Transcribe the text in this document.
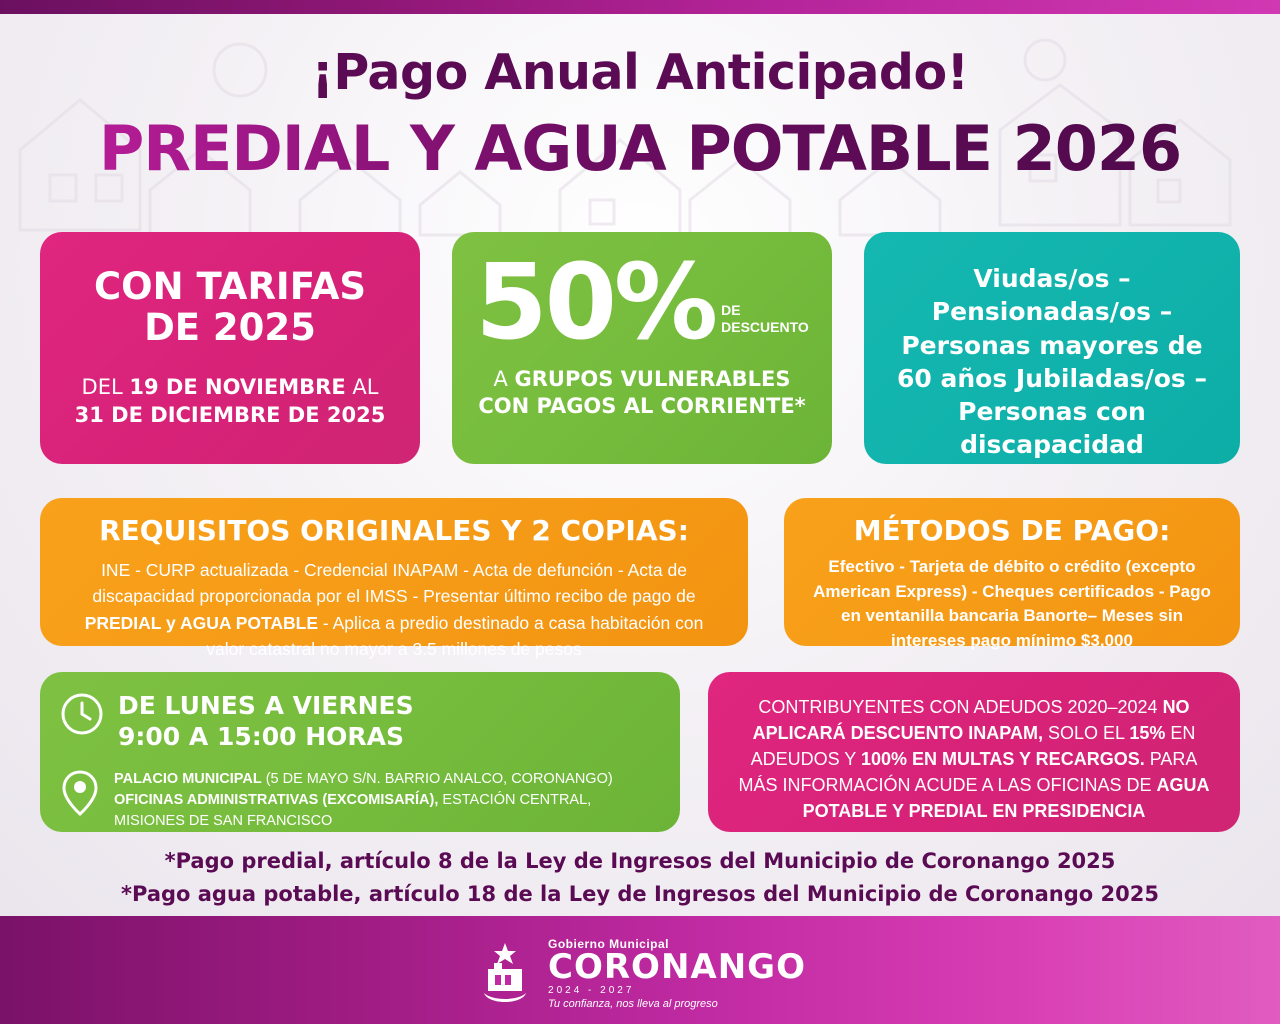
¡Pago Anual Anticipado!
PREDIAL Y AGUA POTABLE 2026
CON TARIFAS
DE 2025
DEL 19 DE NOVIEMBRE AL
31 DE DICIEMBRE DE 2025
50% DE
DESCUENTO
A GRUPOS VULNERABLES CON PAGOS AL CORRIENTE*
Viudas/os – Pensionadas/os – Personas mayores de 60 años Jubiladas/os – Personas con discapacidad
REQUISITOS ORIGINALES Y 2 COPIAS:
INE - CURP actualizada - Credencial INAPAM - Acta de defunción - Acta de discapacidad proporcionada por el IMSS - Presentar último recibo de pago de PREDIAL y AGUA POTABLE - Aplica a predio destinado a casa habitación con valor catastral no mayor a 3.5 millones de pesos
MÉTODOS DE PAGO:
Efectivo - Tarjeta de débito o crédito (excepto American Express) - Cheques certificados - Pago en ventanilla bancaria Banorte– Meses sin intereses pago mínimo $3,000
DE LUNES A VIERNES
9:00 A 15:00 HORAS
PALACIO MUNICIPAL (5 DE MAYO S/N. BARRIO ANALCO, CORONANGO)
OFICINAS ADMINISTRATIVAS (EXCOMISARÍA), ESTACIÓN CENTRAL, MISIONES DE SAN FRANCISCO
CONTRIBUYENTES CON ADEUDOS 2020–2024 NO APLICARÁ DESCUENTO INAPAM, SOLO EL 15% EN ADEUDOS Y 100% EN MULTAS Y RECARGOS. PARA MÁS INFORMACIÓN ACUDE A LAS OFICINAS DE AGUA POTABLE Y PREDIAL EN PRESIDENCIA
*Pago predial, artículo 8 de la Ley de Ingresos del Municipio de Coronango 2025
*Pago agua potable, artículo 18 de la Ley de Ingresos del Municipio de Coronango 2025
Gobierno Municipal
CORONANGO
2024 - 2027
Tu confianza, nos lleva al progreso
